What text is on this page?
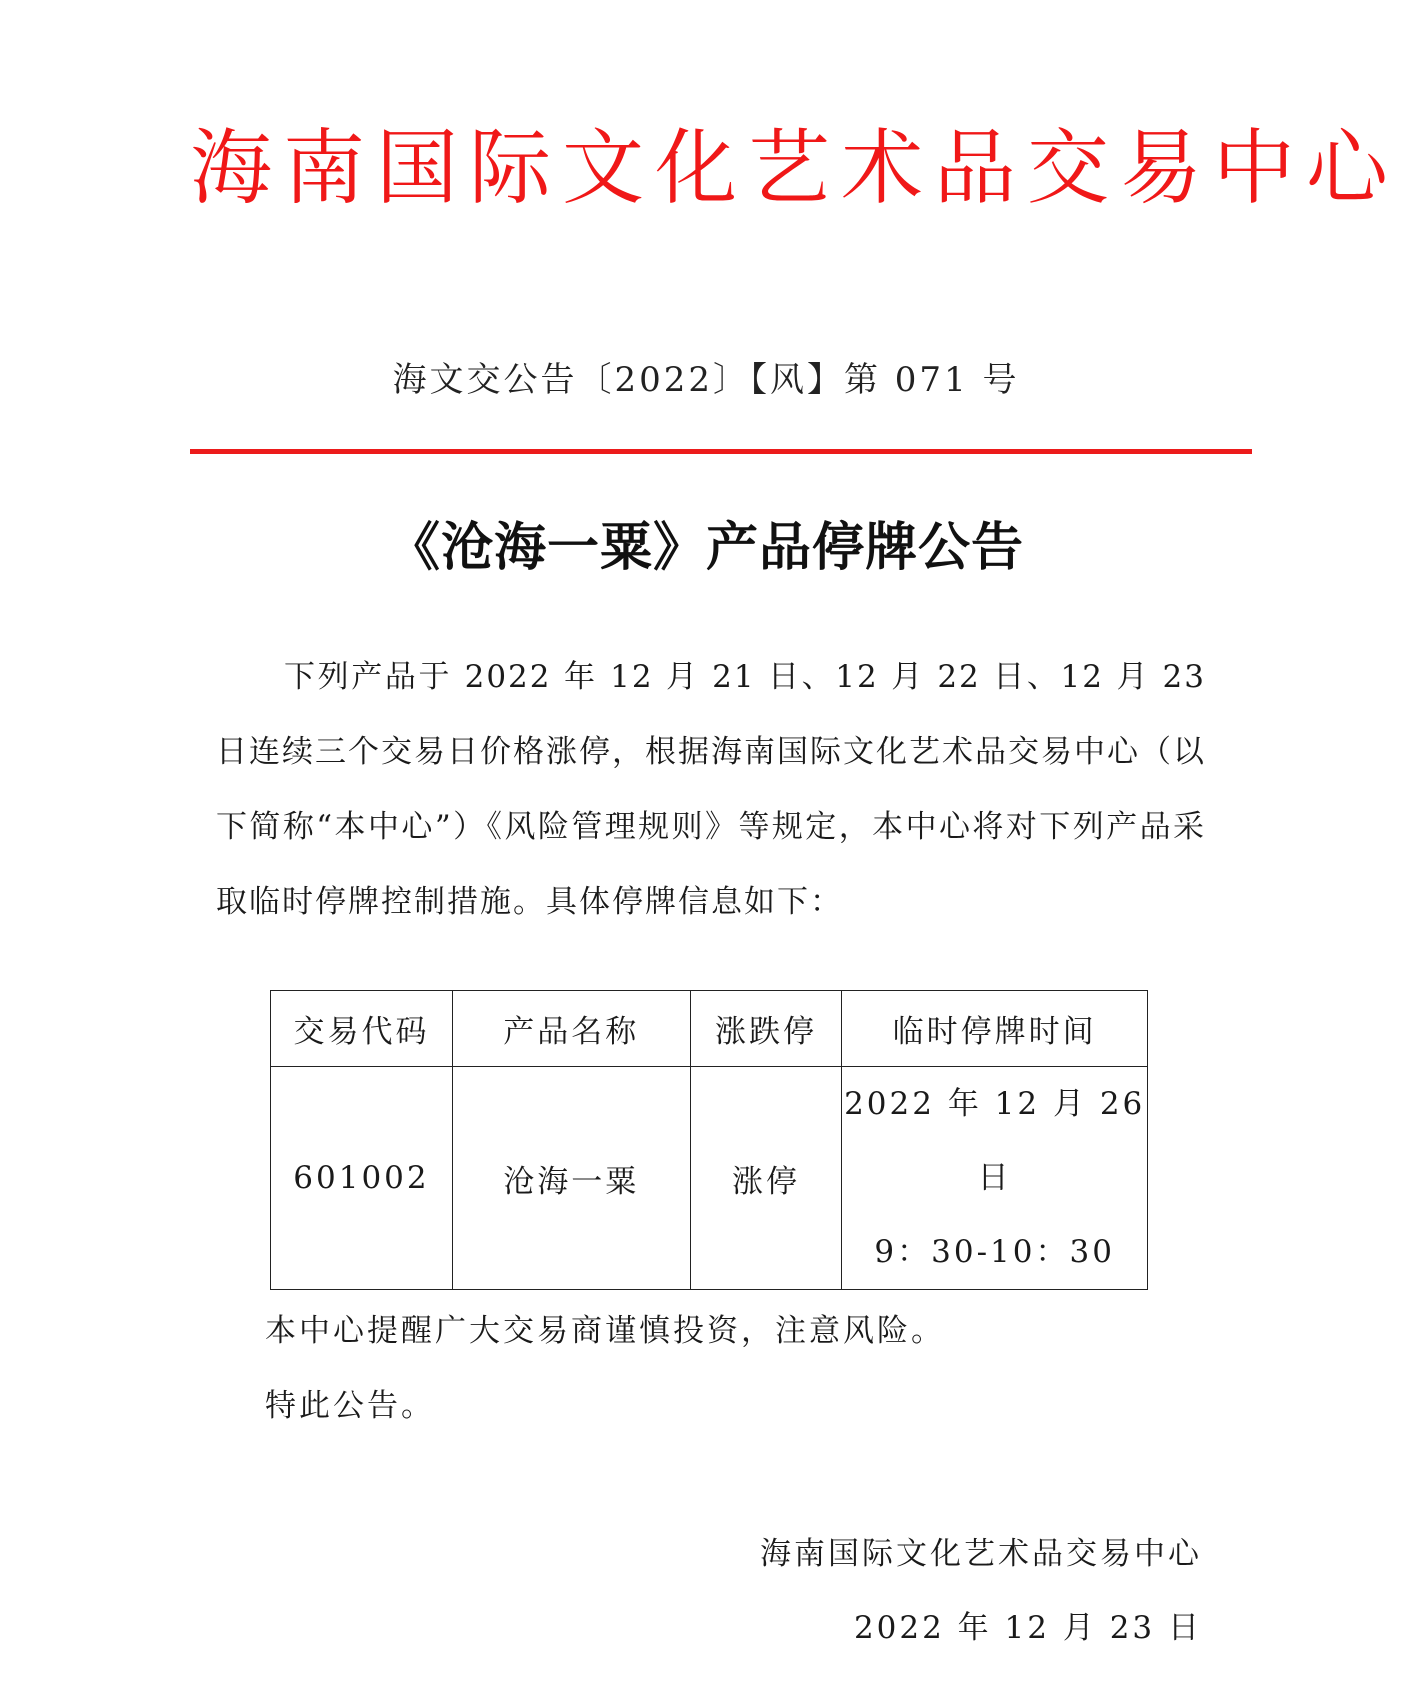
海南国际文化艺术品交易中心
海文交公告〔2022〕【风】第 071 号
《沧海一粟》产品停牌公告
下列产品于 2022 年 12 月 21 日、12 月 22 日、12 月 23 日连续三个交易日价格涨停，根据海南国际文化艺术品交易中心（以下简称“本中心”）《风险管理规则》等规定，本中心将对下列产品采取临时停牌控制措施。具体停牌信息如下：
交易代码	产品名称	涨跌停	临时停牌时间
601002	沧海一粟	涨停	2022 年 12 月 26 日
9：30-10：30
本中心提醒广大交易商谨慎投资，注意风险。
特此公告。
海南国际文化艺术品交易中心
2022 年 12 月 23 日
